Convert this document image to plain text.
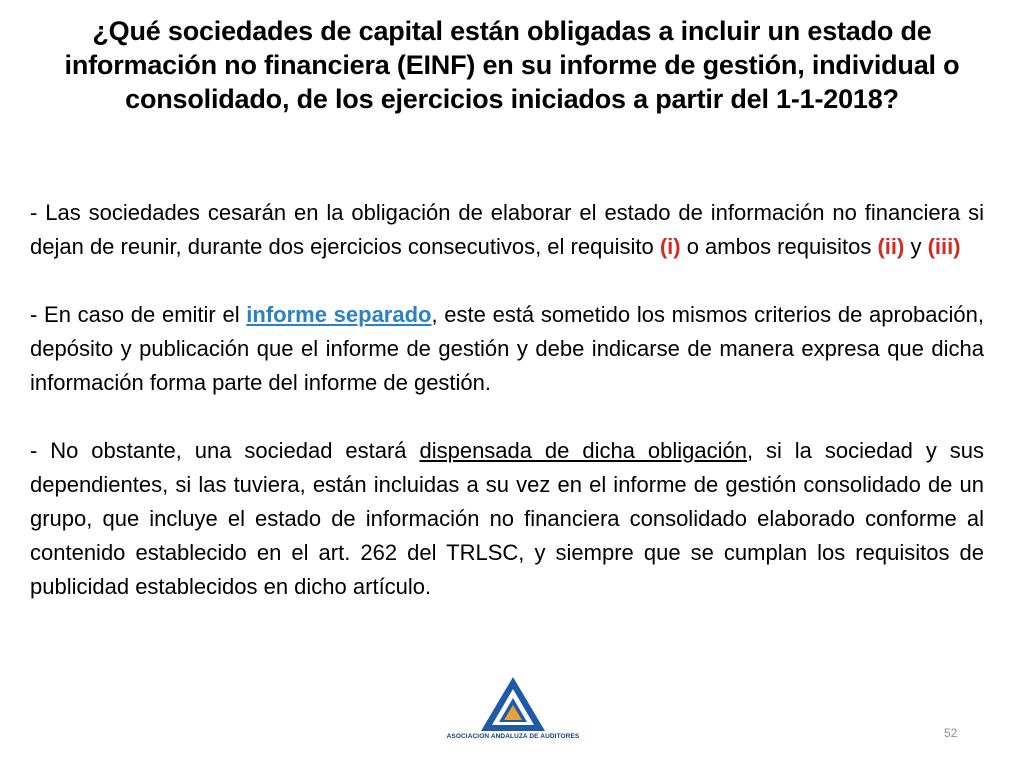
¿Qué sociedades de capital están obligadas a incluir un estado de información no financiera (EINF) en su informe de gestión, individual o consolidado, de los ejercicios iniciados a partir del 1-1-2018?

- Las sociedades cesarán en la obligación de elaborar el estado de información no financiera si dejan de reunir, durante dos ejercicios consecutivos, el requisito (i) o ambos requisitos (ii) y (iii)

- En caso de emitir el informe separado, este está sometido los mismos criterios de aprobación, depósito y publicación que el informe de gestión y debe indicarse de manera expresa que dicha información forma parte del informe de gestión.

- No obstante, una sociedad estará dispensada de dicha obligación, si la sociedad y sus dependientes, si las tuviera, están incluidas a su vez en el informe de gestión consolidado de un grupo, que incluye el estado de información no financiera consolidado elaborado conforme al contenido establecido en el art. 262 del TRLSC, y siempre que se cumplan los requisitos de publicidad establecidos en dicho artículo.

ASOCIACION ANDALUZA DE AUDITORES	52
